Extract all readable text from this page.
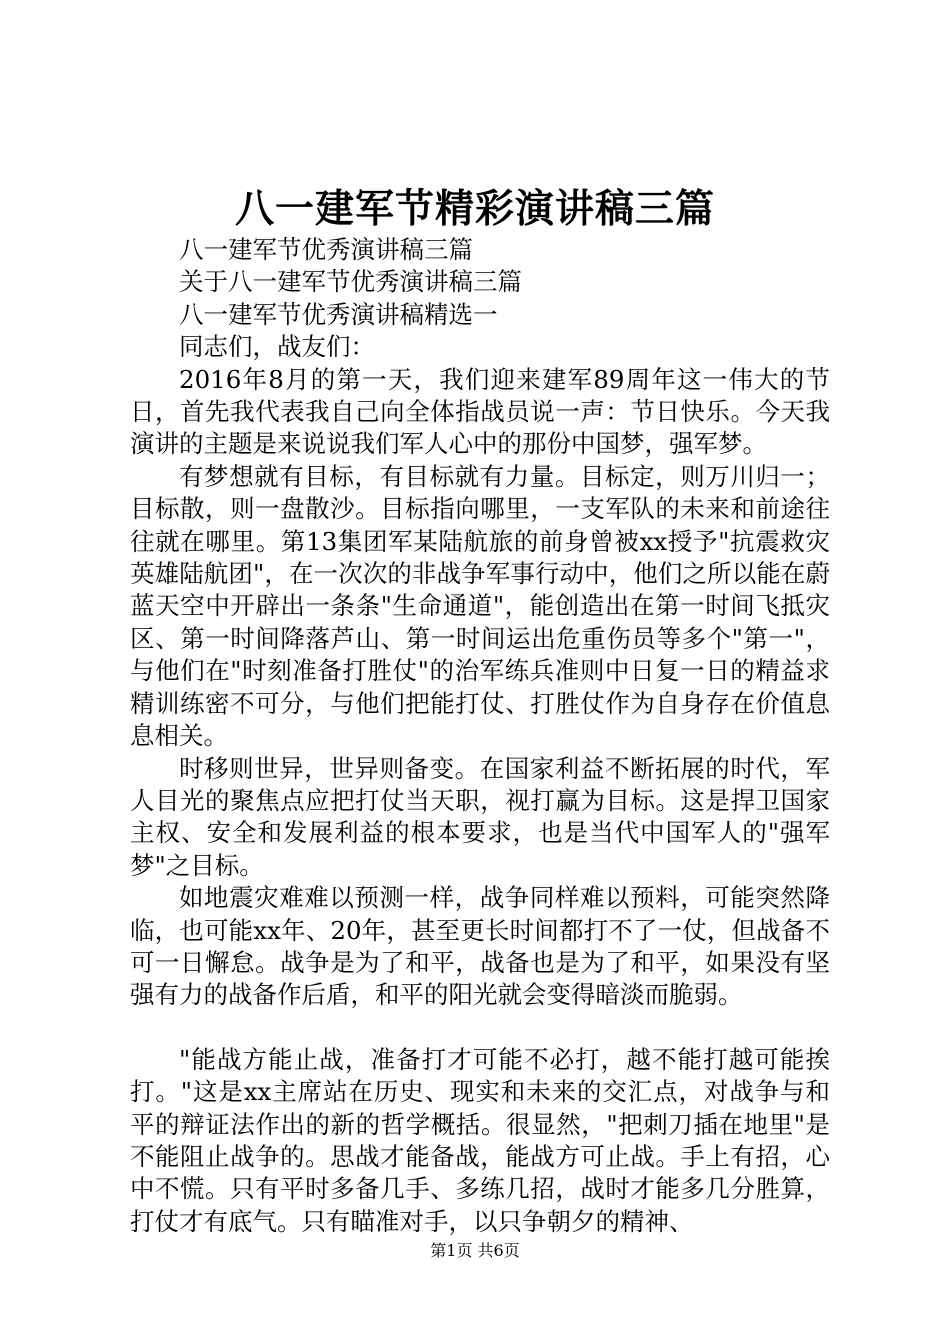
八一建军节精彩演讲稿三篇

八一建军节优秀演讲稿三篇

关于八一建军节优秀演讲稿三篇

八一建军节优秀演讲稿精选一

同志们，战友们：

2016年8月的第一天，我们迎来建军89周年这一伟大的节日，首先我代表我自己向全体指战员说一声：节日快乐。今天我演讲的主题是来说说我们军人心中的那份中国梦，强军梦。

有梦想就有目标，有目标就有力量。目标定，则万川归一；目标散，则一盘散沙。目标指向哪里，一支军队的未来和前途往往就在哪里。第13集团军某陆航旅的前身曾被xx授予"抗震救灾英雄陆航团"，在一次次的非战争军事行动中，他们之所以能在蔚蓝天空中开辟出一条条"生命通道"，能创造出在第一时间飞抵灾区、第一时间降落芦山、第一时间运出危重伤员等多个"第一"，与他们在"时刻准备打胜仗"的治军练兵准则中日复一日的精益求精训练密不可分，与他们把能打仗、打胜仗作为自身存在价值息息相关。

时移则世异，世异则备变。在国家利益不断拓展的时代，军人目光的聚焦点应把打仗当天职，视打赢为目标。这是捍卫国家主权、安全和发展利益的根本要求，也是当代中国军人的"强军梦"之目标。

如地震灾难难以预测一样，战争同样难以预料，可能突然降临，也可能xx年、20年，甚至更长时间都打不了一仗，但战备不可一日懈怠。战争是为了和平，战备也是为了和平，如果没有坚强有力的战备作后盾，和平的阳光就会变得暗淡而脆弱。

"能战方能止战，准备打才可能不必打，越不能打越可能挨打。"这是xx主席站在历史、现实和未来的交汇点，对战争与和平的辩证法作出的新的哲学概括。很显然，"把刺刀插在地里"是不能阻止战争的。思战才能备战，能战方可止战。手上有招，心中不慌。只有平时多备几手、多练几招，战时才能多几分胜算，打仗才有底气。只有瞄准对手，以只争朝夕的精神、

第1页 共6页
